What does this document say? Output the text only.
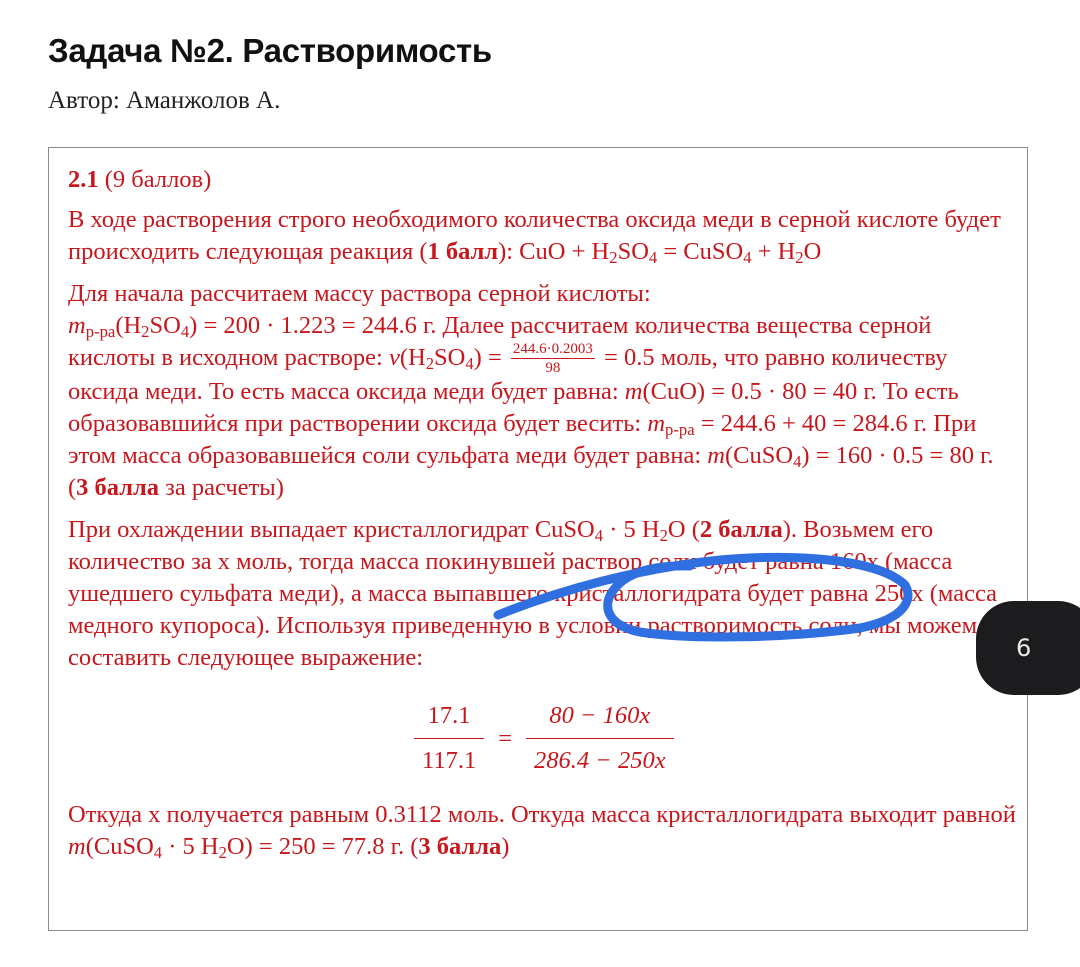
Задача №2. Растворимость
Автор: Аманжолов А.

2.1 (9 баллов)

В ходе растворения строго необходимого количества оксида меди в серной кислоте будет происходить следующая реакция (1 балл): CuO + $H_2SO_4$ = CuSO$_4$ + $H_2O$

Для начала рассчитаем массу раствора серной кислоты:
$m_{р-ра}(H_2SO_4) = 200 \cdot 1.223 = 244.6$ г. Далее рассчитаем количества вещества серной кислоты в исходном растворе: $\nu(H_2SO_4) = \frac{244.6\cdot 0.2003}{98} = 0.5$ моль, что равно количеству оксида меди. То есть масса оксида меди будет равна: m(CuO) = 0.5 · 80 = 40 г. То есть образовавшийся при растворении оксида будет весить: $m_{р-ра} = 244.6 + 40 = 284.6$ г. При этом масса образовавшейся соли сульфата меди будет равна: m(CuSO$_4$) = 160 · 0.5 = 80 г. (3 балла за расчеты)

При охлаждении выпадает кристаллогидрат CuSO$_4$ · 5 $H_2O$ (2 балла). Возьмем его количество за x моль, тогда масса покинувшей раствор соли будет равна 160x (масса ушедшего сульфата меди), а масса выпавшего кристаллогидрата будет равна 250x (масса медного купороса). Используя приведенную в условии растворимость соли, мы можем составить следующее выражение:

$\frac{17.1}{117.1} = \frac{80 - 160x}{286.4 - 250x}$

Откуда x получается равным 0.3112 моль. Откуда масса кристаллогидрата выходит равной m(CuSO$_4$ · 5 $H_2O) = 250 = 77.8$ г. (3 балла)

6
